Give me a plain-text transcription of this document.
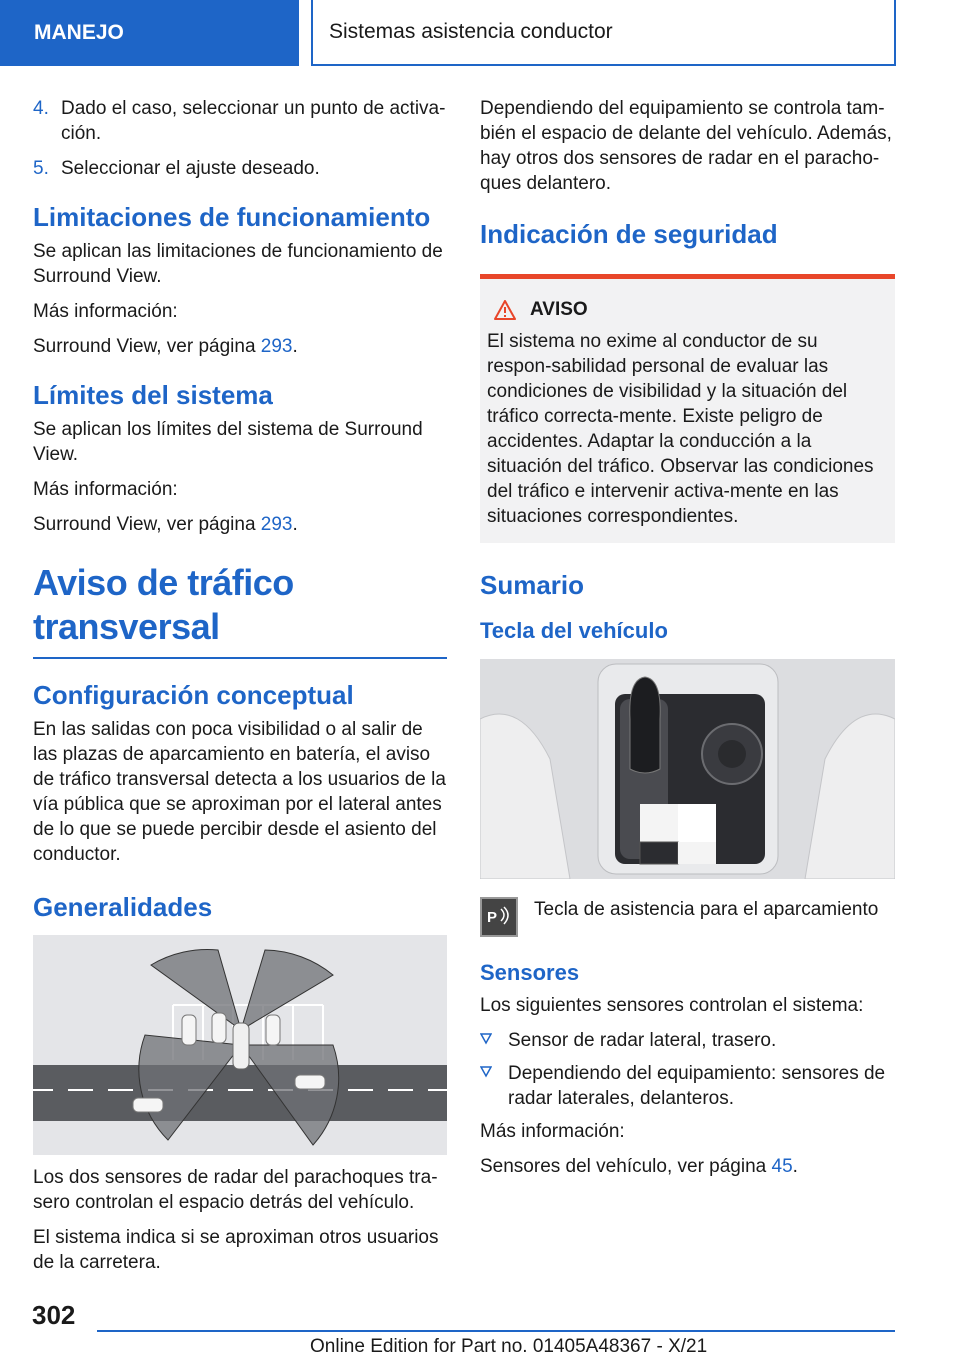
MANEJO	Sistemas asistencia conductor
4. Dado el caso, seleccionar un punto de activa‐ción.
5. Seleccionar el ajuste deseado.
Limitaciones de funcionamiento

Se aplican las limitaciones de funcionamiento de Surround View.

Más información:

Surround View, ver página 293.

Límites del sistema

Se aplican los límites del sistema de Surround View.

Más información:

Surround View, ver página 293.

Aviso de tráfico transversal
Configuración conceptual

En las salidas con poca visibilidad o al salir de las plazas de aparcamiento en batería, el aviso de tráfico transversal detecta a los usuarios de la vía pública que se aproximan por el lateral antes de lo que se puede percibir desde el asiento del conductor.

Generalidades

Los dos sensores de radar del parachoques tra‐sero controlan el espacio detrás del vehículo.

El sistema indica si se aproximan otros usuarios de la carretera.

Dependiendo del equipamiento se controla tam‐bién el espacio de delante del vehículo. Además, hay otros dos sensores de radar en el paracho‐ques delantero.

Indicación de seguridad
AVISO

El sistema no exime al conductor de su respon‐sabilidad personal de evaluar las condiciones de visibilidad y la situación del tráfico correcta‐mente. Existe peligro de accidentes. Adaptar la conducción a la situación del tráfico. Observar las condiciones del tráfico e intervenir activa‐mente en las situaciones correspondientes.

Sumario
Tecla del vehículo
P Tecla de asistencia para el aparcamiento
Sensores

Los siguientes sensores controlan el sistema:

Sensor de radar lateral, trasero.
Dependiendo del equipamiento: sensores de radar laterales, delanteros.

Más información:

Sensores del vehículo, ver página 45.

302
Online Edition for Part no. 01405A48367 - X/21
